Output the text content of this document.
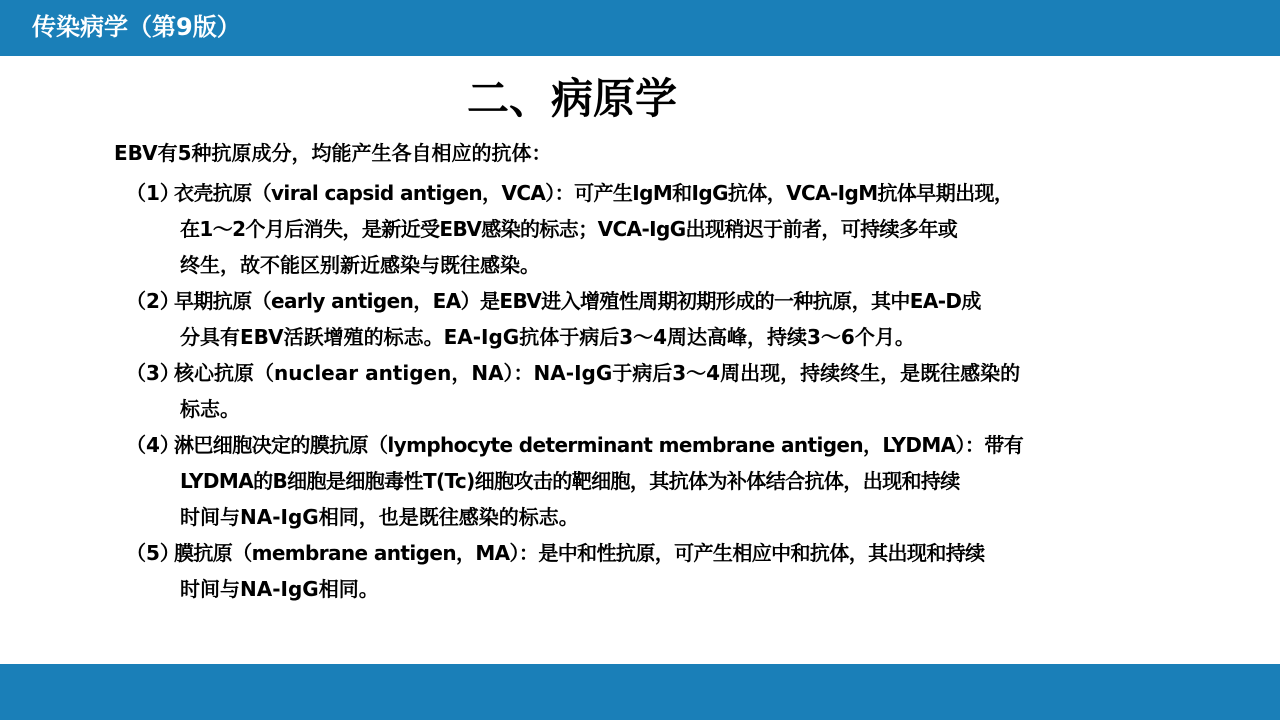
传染病学（第9版）
二、病原学
EBV有5种抗原成分，均能产生各自相应的抗体：
（1）
衣壳抗原（viral capsid antigen，VCA）：可产生IgM和IgG抗体，VCA-IgM抗体早期出现，
在1～2个月后消失，是新近受EBV感染的标志；VCA-IgG出现稍迟于前者，可持续多年或
终生，故不能区别新近感染与既往感染。
（2）
早期抗原（early antigen，EA）是EBV进入增殖性周期初期形成的一种抗原，其中EA-D成
分具有EBV活跃增殖的标志。EA-IgG抗体于病后3～4周达高峰，持续3～6个月。
（3）
核心抗原（nuclear antigen，NA）：NA-IgG于病后3～4周出现，持续终生，是既往感染的
标志。
（4）
淋巴细胞决定的膜抗原（lymphocyte determinant membrane antigen，LYDMA）：带有
LYDMA的B细胞是细胞毒性T(Tc)细胞攻击的靶细胞，其抗体为补体结合抗体，出现和持续
时间与NA-IgG相同，也是既往感染的标志。
（5）
膜抗原（membrane antigen，MA）：是中和性抗原，可产生相应中和抗体，其出现和持续
时间与NA-IgG相同。
